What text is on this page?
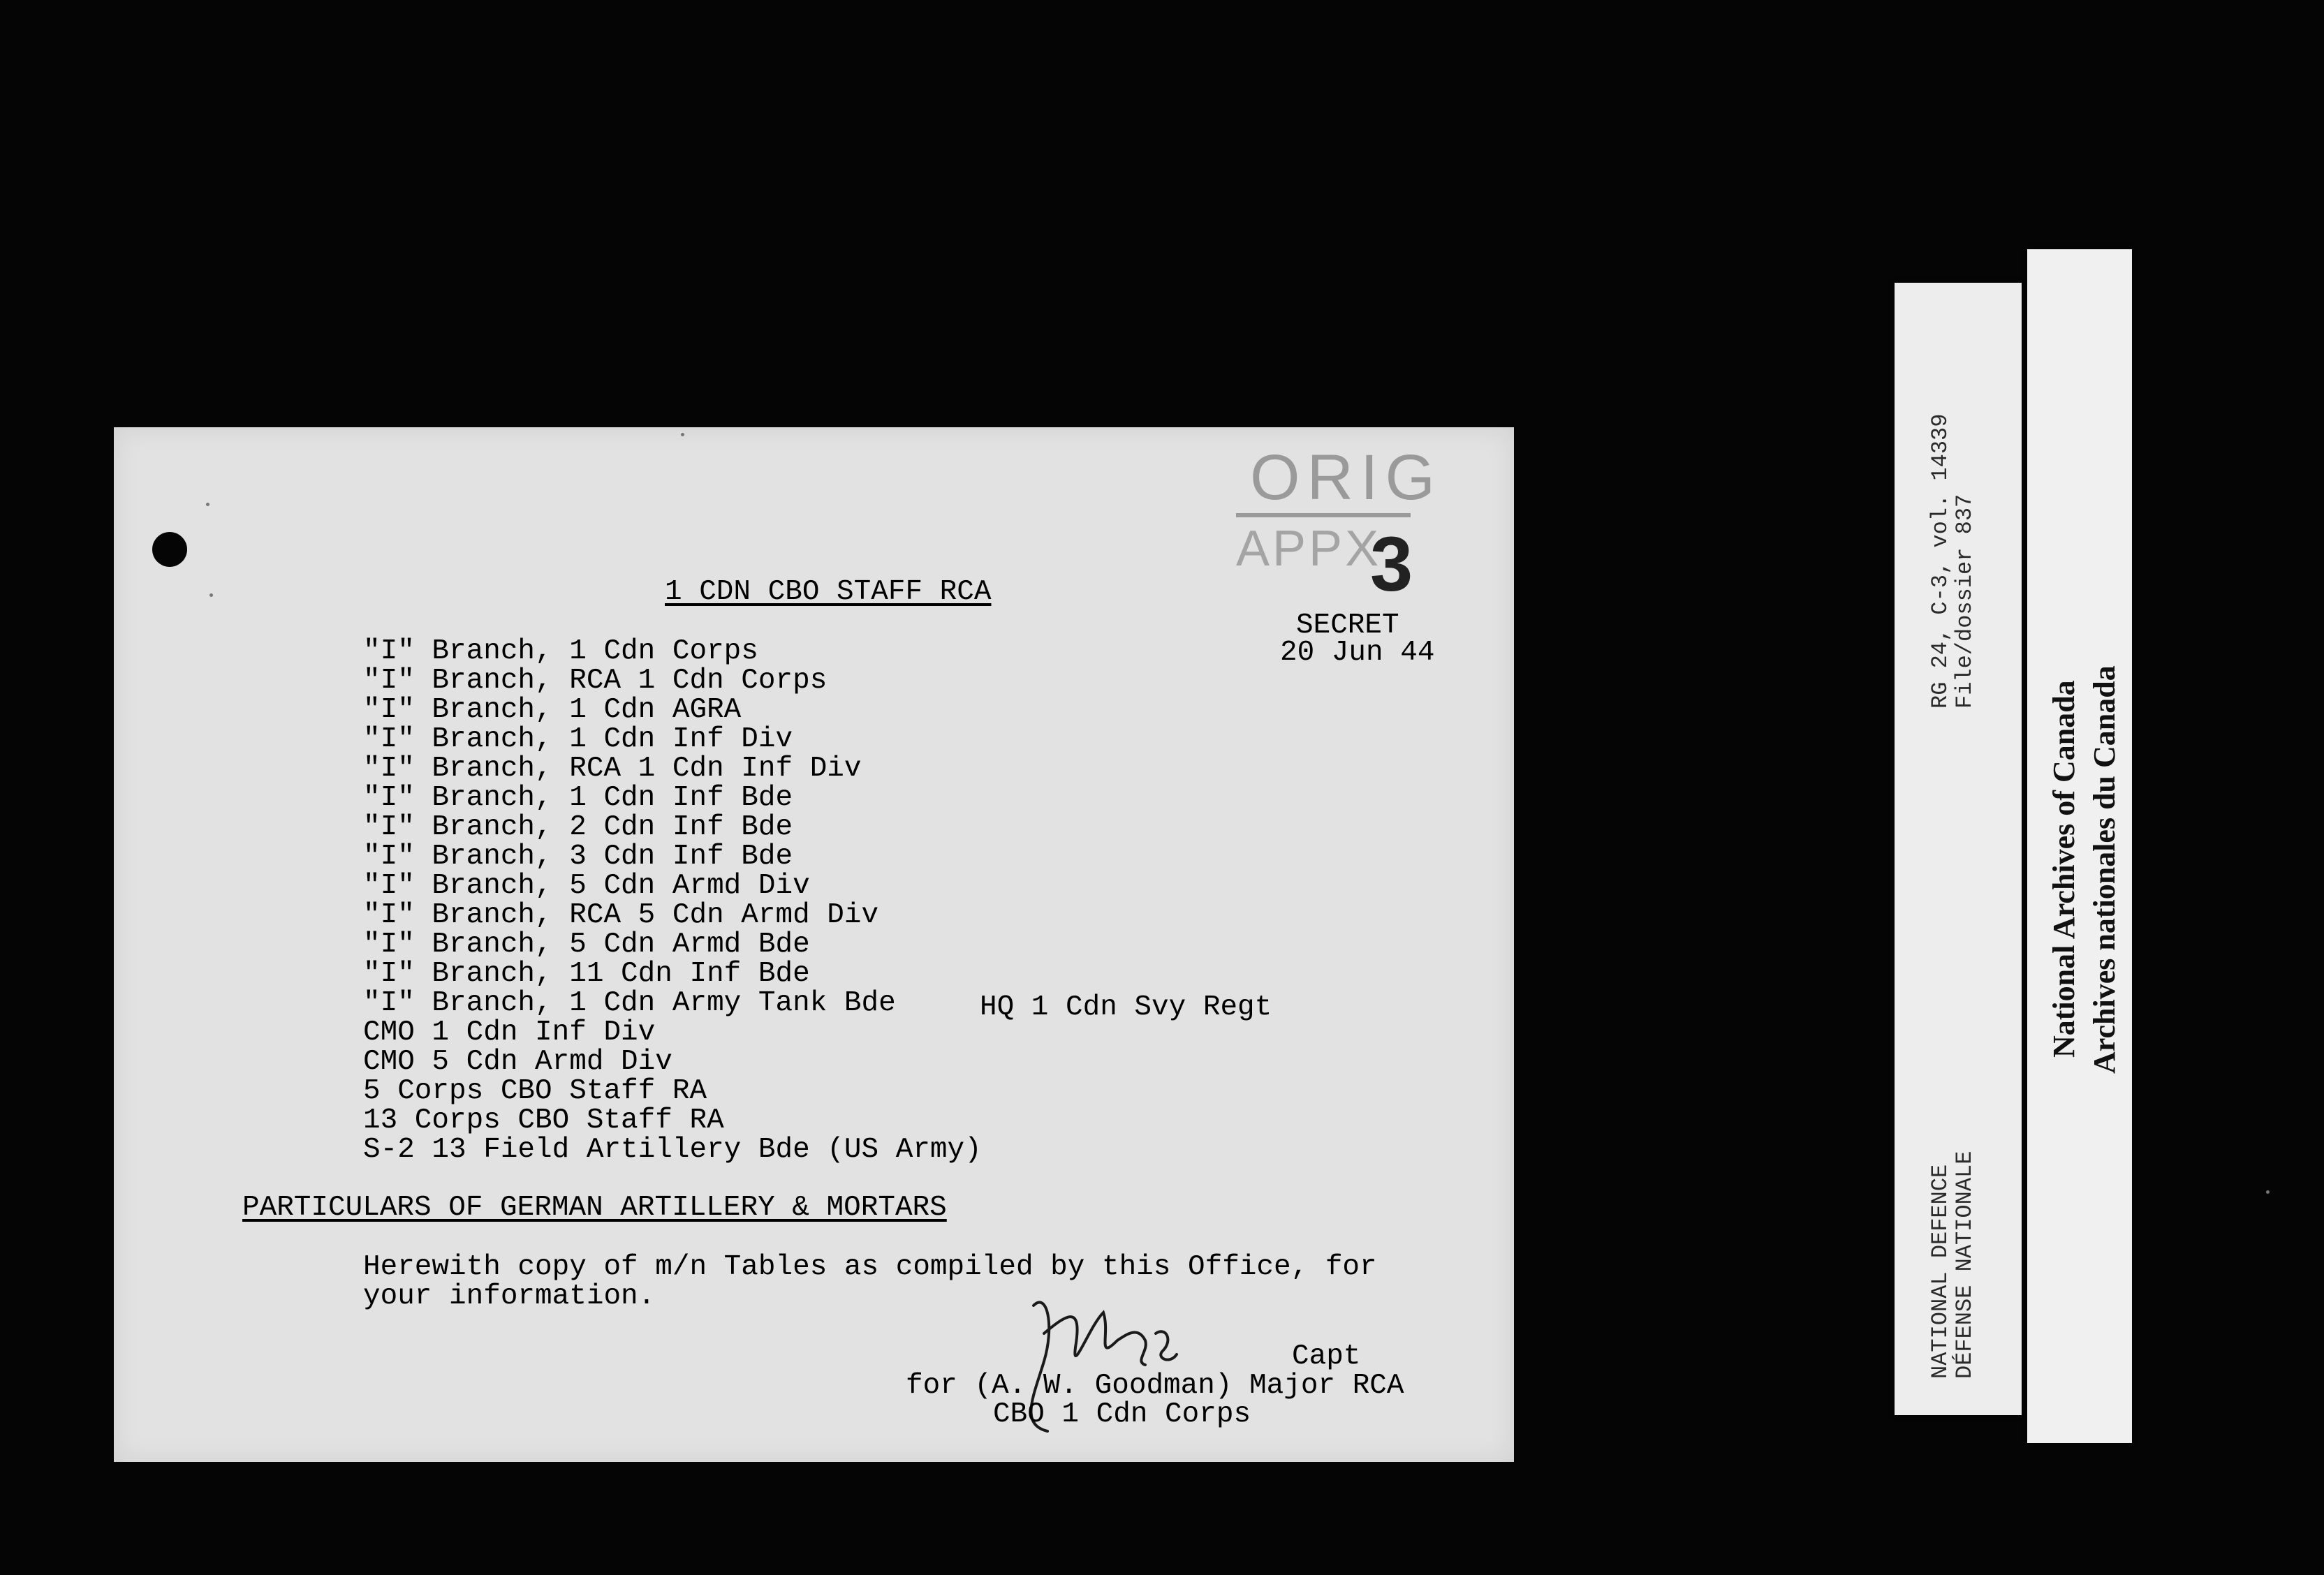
ORIG
APPX
3
1 CDN CBO STAFF RCA
SECRET
20 Jun 44
"I" Branch, 1 Cdn Corps
"I" Branch, RCA 1 Cdn Corps
"I" Branch, 1 Cdn AGRA
"I" Branch, 1 Cdn Inf Div
"I" Branch, RCA 1 Cdn Inf Div
"I" Branch, 1 Cdn Inf Bde
"I" Branch, 2 Cdn Inf Bde
"I" Branch, 3 Cdn Inf Bde
"I" Branch, 5 Cdn Armd Div
"I" Branch, RCA 5 Cdn Armd Div
"I" Branch, 5 Cdn Armd Bde
"I" Branch, 11 Cdn Inf Bde
"I" Branch, 1 Cdn Army Tank Bde
CMO 1 Cdn Inf Div
CMO 5 Cdn Armd Div
5 Corps CBO Staff RA
13 Corps CBO Staff RA
S-2 13 Field Artillery Bde (US Army)
HQ 1 Cdn Svy Regt
PARTICULARS OF GERMAN ARTILLERY & MORTARS
Herewith copy of m/n Tables as compiled by this Office, for
your information.
Capt
for (A. W. Goodman) Major RCA
CBO 1 Cdn Corps
RG 24, C-3, vol. 14339
File/dossier 837
NATIONAL DEFENCE
DÉFENSE NATIONALE
National Archives of Canada Archives nationales du Canada
